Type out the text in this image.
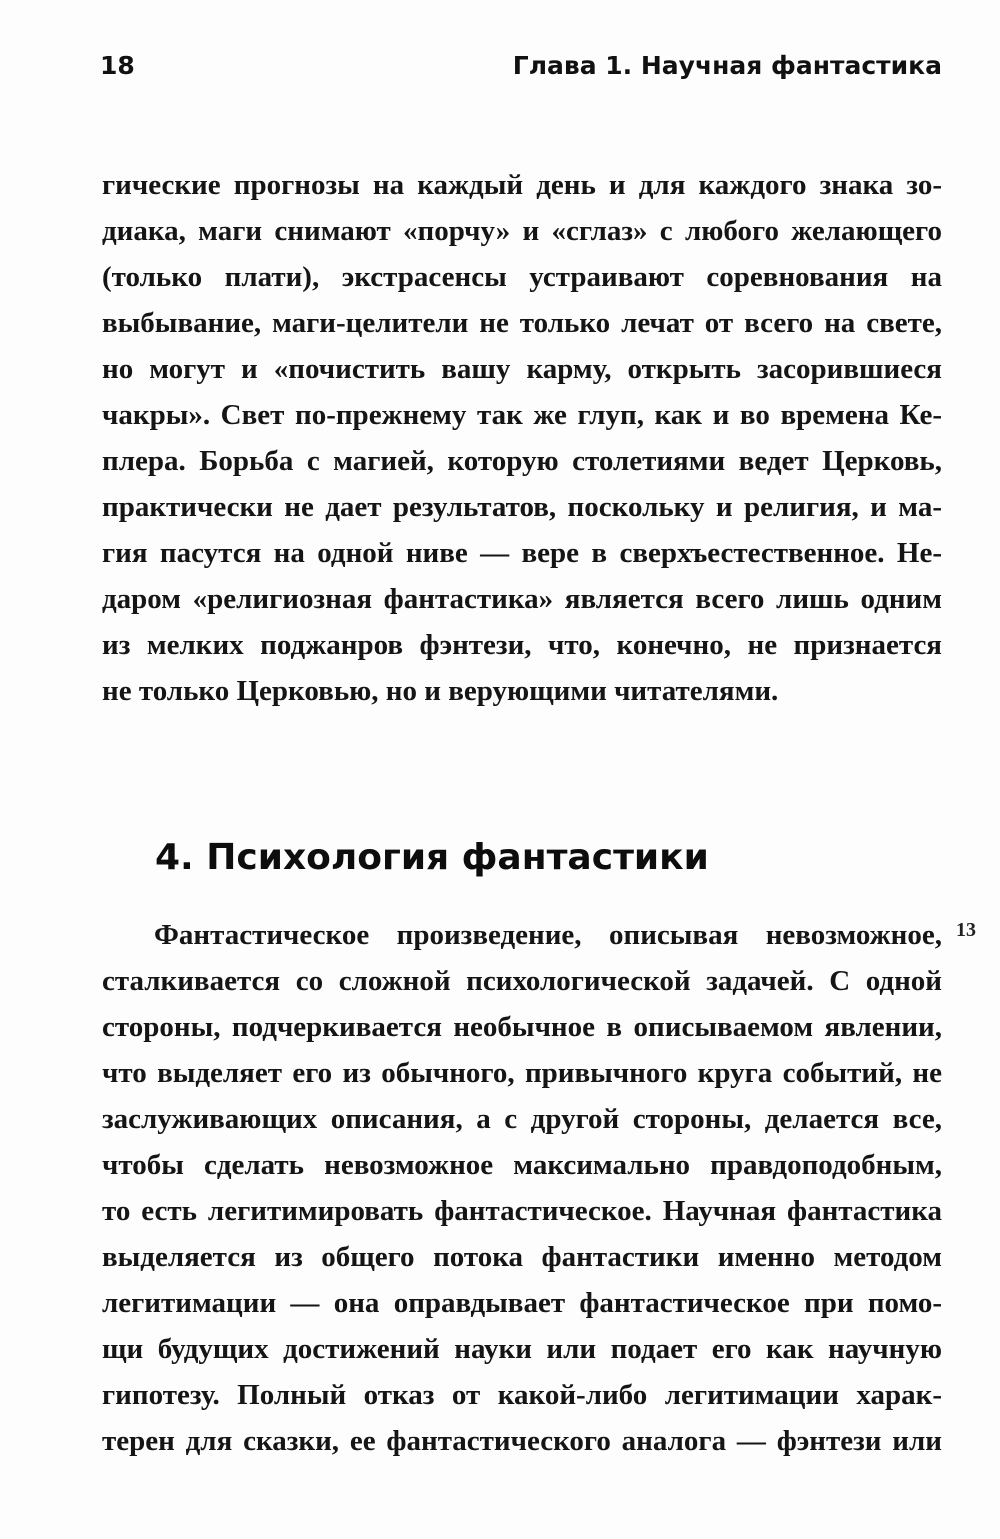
18	Глава 1. Научная фантастика
гические прогнозы на каждый день и для каждого знака зо-
диака, маги снимают «порчу» и «сглаз» с любого желающего
(только плати), экстрасенсы устраивают соревнования на
выбывание, маги-целители не только лечат от всего на свете,
но могут и «почистить вашу карму, открыть засорившиеся
чакры». Свет по-прежнему так же глуп, как и во времена Ке-
плера. Борьба с магией, которую столетиями ведет Церковь,
практически не дает результатов, поскольку и религия, и ма-
гия пасутся на одной ниве — вере в сверхъестественное. Не-
даром «религиозная фантастика» является всего лишь одним
из мелких поджанров фэнтези, что, конечно, не признается
не только Церковью, но и верующими читателями.
4. Психология фантастики
13
Фантастическое произведение, описывая невозможное,
сталкивается со сложной психологической задачей. С одной
стороны, подчеркивается необычное в описываемом явлении,
что выделяет его из обычного, привычного круга событий, не
заслуживающих описания, а с другой стороны, делается все,
чтобы сделать невозможное максимально правдоподобным,
то есть легитимировать фантастическое. Научная фантастика
выделяется из общего потока фантастики именно методом
легитимации — она оправдывает фантастическое при помо-
щи будущих достижений науки или подает его как научную
гипотезу. Полный отказ от какой-либо легитимации харак-
терен для сказки, ее фантастического аналога — фэнтези или
